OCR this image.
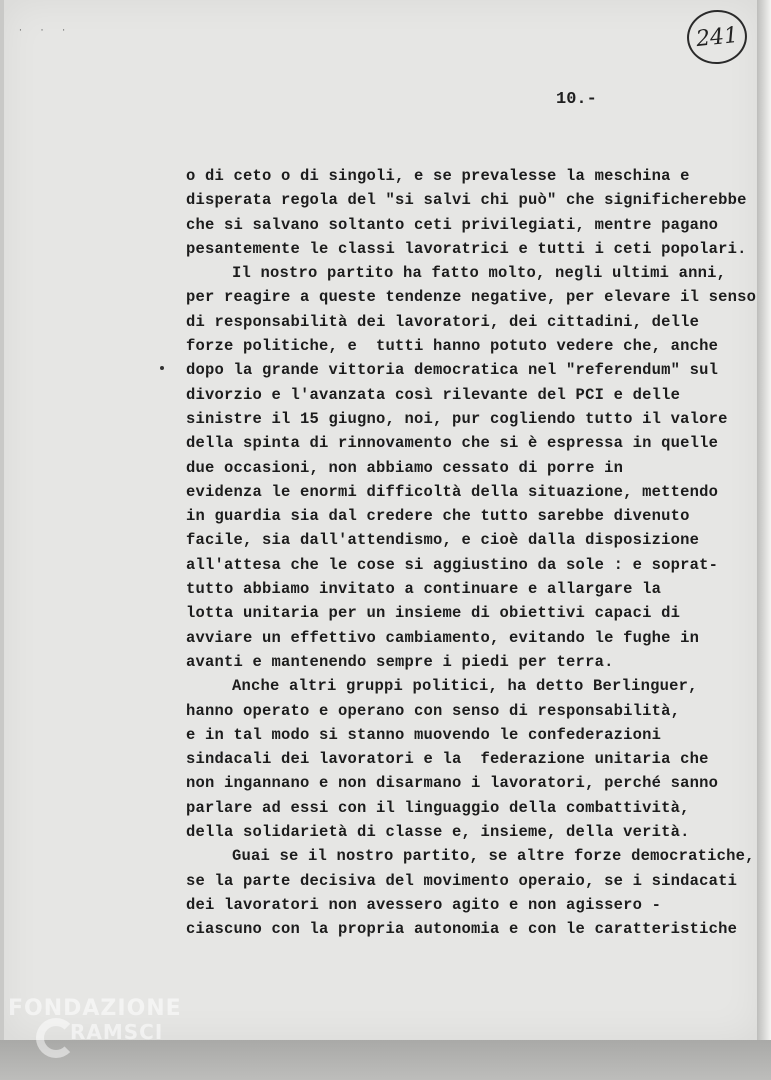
· · ·	241
10.-
o di ceto o di singoli, e se prevalesse la meschina e
disperata regola del "si salvi chi può" che significherebbe
che si salvano soltanto ceti privilegiati, mentre pagano
pesantemente le classi lavoratrici e tutti i ceti popolari.
Il nostro partito ha fatto molto, negli ultimi anni,
per reagire a queste tendenze negative, per elevare il senso
di responsabilità dei lavoratori, dei cittadini, delle
forze politiche, e  tutti hanno potuto vedere che, anche
dopo la grande vittoria democratica nel "referendum" sul
divorzio e l'avanzata così rilevante del PCI e delle
sinistre il 15 giugno, noi, pur cogliendo tutto il valore
della spinta di rinnovamento che si è espressa in quelle
due occasioni, non abbiamo cessato di porre in
evidenza le enormi difficoltà della situazione, mettendo
in guardia sia dal credere che tutto sarebbe divenuto
facile, sia dall'attendismo, e cioè dalla disposizione
all'attesa che le cose si aggiustino da sole : e soprat-
tutto abbiamo invitato a continuare e allargare la
lotta unitaria per un insieme di obiettivi capaci di
avviare un effettivo cambiamento, evitando le fughe in
avanti e mantenendo sempre i piedi per terra.
Anche altri gruppi politici, ha detto Berlinguer,
hanno operato e operano con senso di responsabilità,
e in tal modo si stanno muovendo le confederazioni
sindacali dei lavoratori e la  federazione unitaria che
non ingannano e non disarmano i lavoratori, perché sanno
parlare ad essi con il linguaggio della combattività,
della solidarietà di classe e, insieme, della verità.
Guai se il nostro partito, se altre forze democratiche,
se la parte decisiva del movimento operaio, se i sindacati
dei lavoratori non avessero agito e non agissero -
ciascuno con la propria autonomia e con le caratteristiche
FONDAZIONE
RAMSCI
